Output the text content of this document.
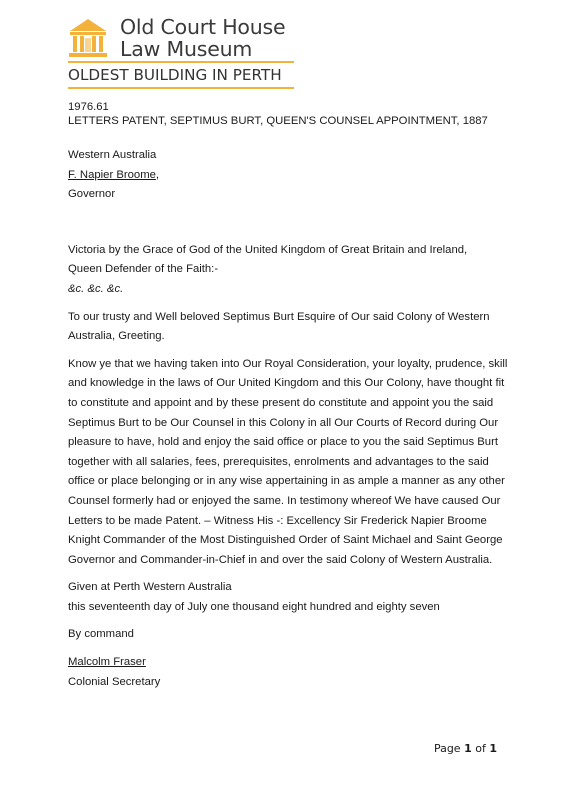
Old Court House
Law Museum
OLDEST BUILDING IN PERTH
1976.61
LETTERS PATENT, SEPTIMUS BURT, QUEEN'S COUNSEL APPOINTMENT, 1887
Western Australia
F. Napier Broome,
Governor
Victoria by the Grace of God of the United Kingdom of Great Britain and Ireland,
Queen Defender of the Faith:-
&c. &c. &c.

To our trusty and Well beloved Septimus Burt Esquire of Our said Colony of Western Australia, Greeting.

Know ye that we having taken into Our Royal Consideration, your loyalty, prudence, skill and knowledge in the laws of Our United Kingdom and this Our Colony, have thought fit to constitute and appoint and by these present do constitute and appoint you the said Septimus Burt to be Our Counsel in this Colony in all Our Courts of Record during Our pleasure to have, hold and enjoy the said office or place to you the said Septimus Burt together with all salaries, fees, prerequisites, enrolments and advantages to the said office or place belonging or in any wise appertaining in as ample a manner as any other Counsel formerly had or enjoyed the same. In testimony whereof We have caused Our Letters to be made Patent. – Witness His -: Excellency Sir Frederick Napier Broome Knight Commander of the Most Distinguished Order of Saint Michael and Saint George Governor and Commander-in-Chief in and over the said Colony of Western Australia.

Given at Perth Western Australia
this seventeenth day of July one thousand eight hundred and eighty seven
By command
Malcolm Fraser
Colonial Secretary
Page 1 of 1
